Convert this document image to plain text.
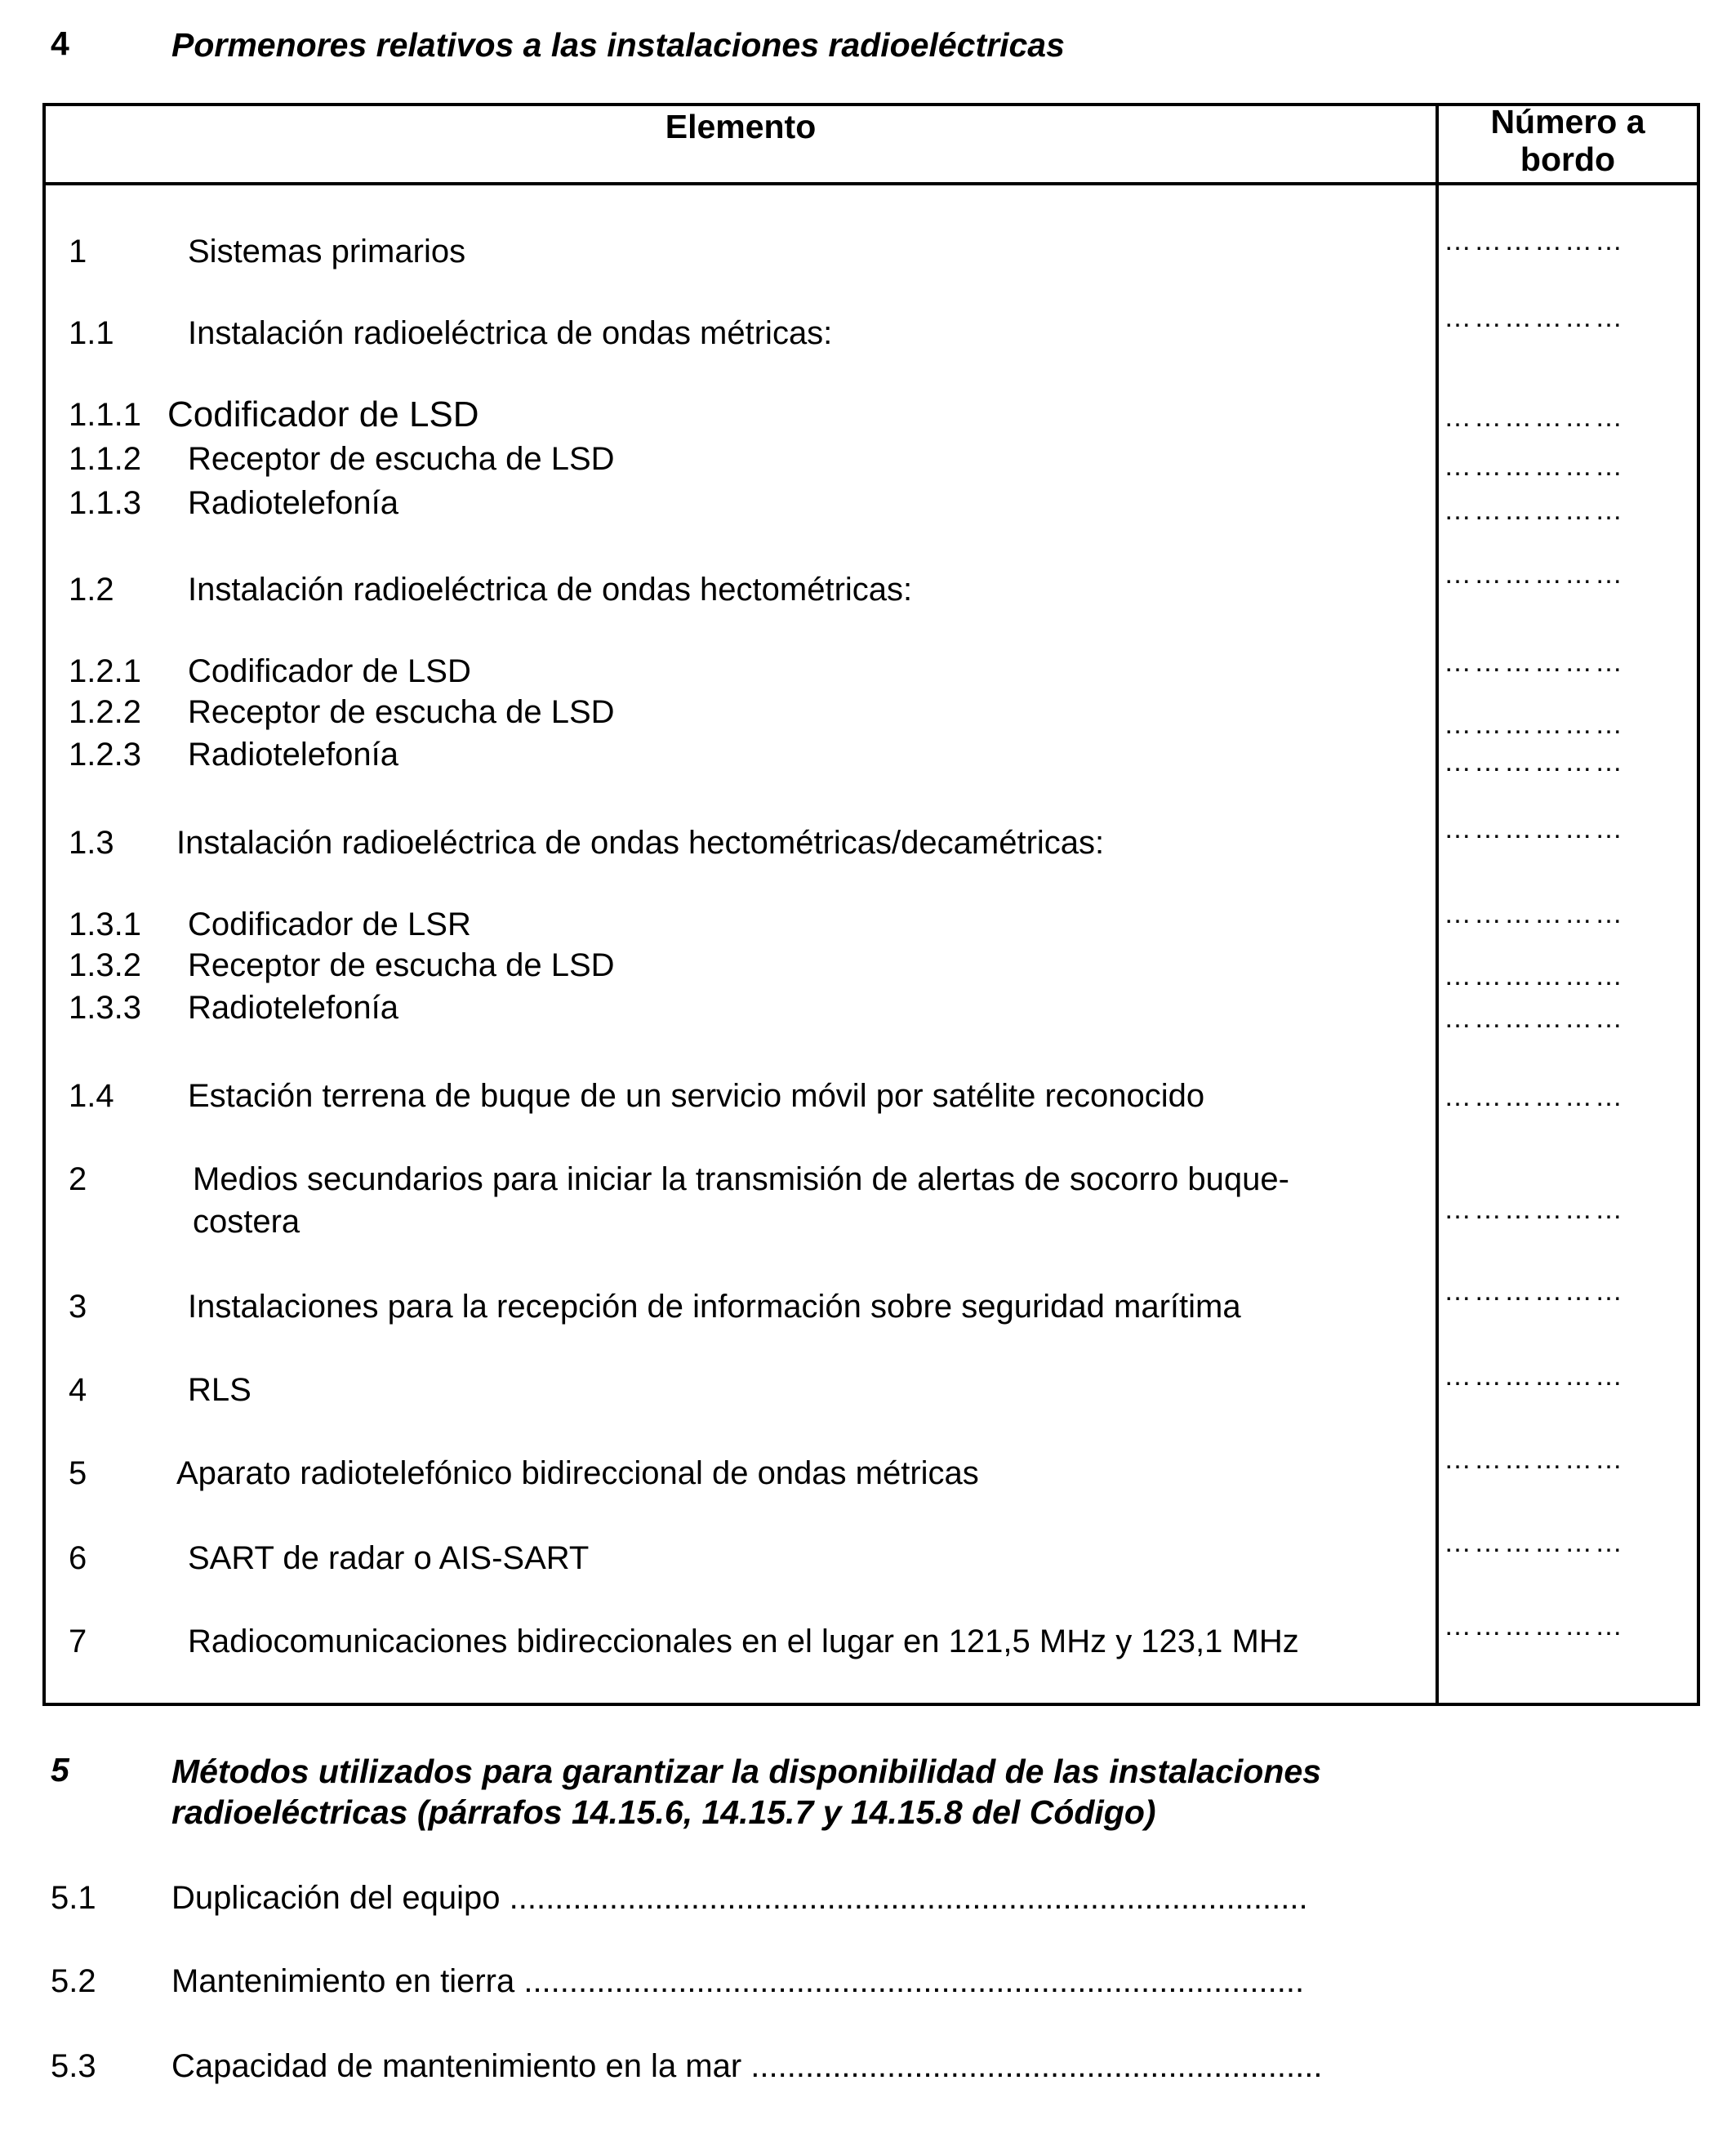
4	Pormenores relativos a las instalaciones radioeléctricas
Elemento	Número a
bordo
1	Sistemas primarios	………………
1.1 Instalación radioeléctrica de ondas métricas:	………………
1.1.1 Codificador de LSD	………………
1.1.2 Receptor de escucha de LSD	………………
1.1.3 Radiotelefonía	………………
1.2 Instalación radioeléctrica de ondas hectométricas:	………………
1.2.1 Codificador de LSD	………………
1.2.2 Receptor de escucha de LSD	………………
1.2.3 Radiotelefonía	………………
1.3 Instalación radioeléctrica de ondas hectométricas/decamétricas:	………………
1.3.1 Codificador de LSR	………………
1.3.2 Receptor de escucha de LSD	………………
1.3.3 Radiotelefonía	………………
1.4 Estación terrena de buque de un servicio móvil por satélite reconocido	………………
2	Medios secundarios para iniciar la transmisión de alertas de socorro buque-
costera	………………
3	Instalaciones para la recepción de información sobre seguridad marítima	………………
4	RLS	………………
5	Aparato radiotelefónico bidireccional de ondas métricas	………………
6	SART de radar o AIS-SART	………………
7	Radiocomunicaciones bidireccionales en el lugar en 121,5 MHz y 123,1 MHz	………………
5	Métodos utilizados para garantizar la disponibilidad de las instalaciones
radioeléctricas (párrafos 14.15.6, 14.15.7 y 14.15.8 del Código)
5.1 Duplicación del equipo ........................................................................................
5.2 Mantenimiento en tierra ......................................................................................
5.3 Capacidad de mantenimiento en la mar ...............................................................
